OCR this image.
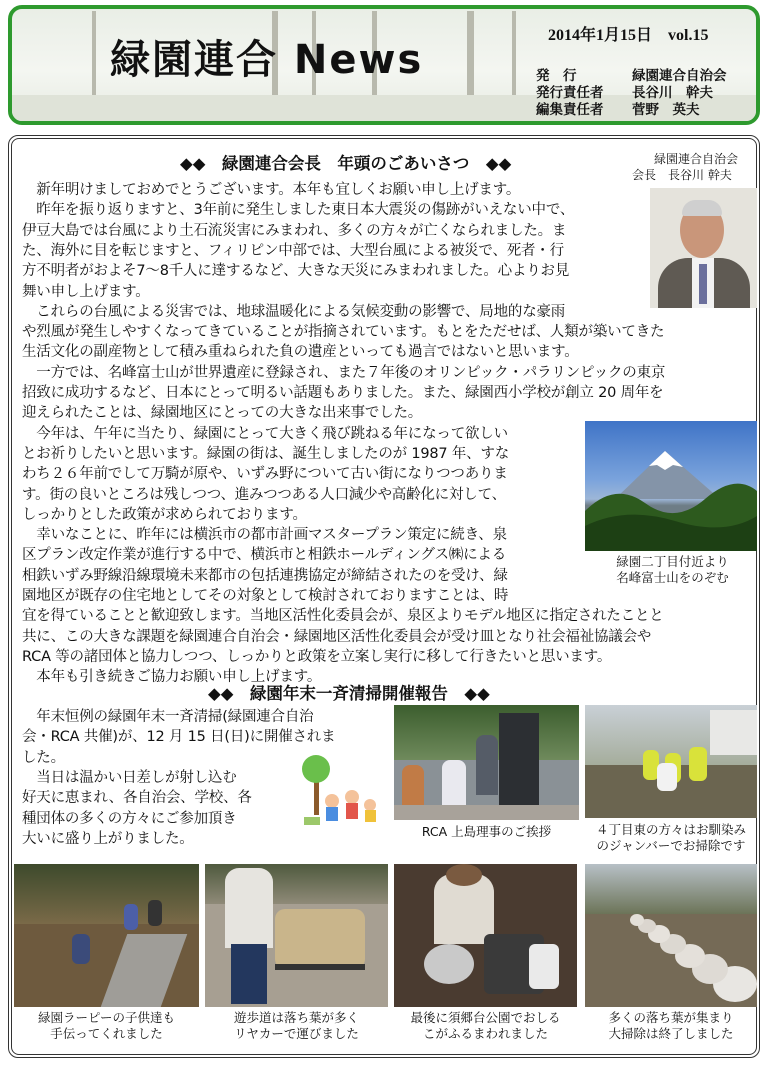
緑園連合 News
2014年1月15日　vol.15
発　行	緑園連合自治会
発行責任者 長谷川　幹夫
編集責任者 菅野　英夫
◆◆　緑園連合会長　年頭のごあいさつ　◆◆	緑園連合自治会
会長　長谷川 幹夫
　新年明けましておめでとうございます。本年も宜しくお願い申し上げます。
　昨年を振り返りますと、3年前に発生しました東日本大震災の傷跡がいえない中で、
伊豆大島では台風により土石流災害にみまわれ、多くの方々が亡くなられました。ま
た、海外に目を転じますと、フィリピン中部では、大型台風による被災で、死者・行
方不明者がおよそ7～8千人に達するなど、大きな天災にみまわれました。心よりお見
舞い申し上げます。
　これらの台風による災害では、地球温暖化による気候変動の影響で、局地的な豪雨
や烈風が発生しやすくなってきていることが指摘されています。もとをただせば、人類が築いてきた
生活文化の副産物として積み重ねられた負の遺産といっても過言ではないと思います。
　一方では、名峰富士山が世界遺産に登録され、また７年後のオリンピック・パラリンピックの東京
招致に成功するなど、日本にとって明るい話題もありました。また、緑園西小学校が創立 20 周年を
迎えられたことは、緑園地区にとっての大きな出来事でした。
　今年は、午年に当たり、緑園にとって大きく飛び跳ねる年になって欲しい
とお祈りしたいと思います。緑園の街は、誕生しましたのが 1987 年、すな
わち２６年前でして万騎が原や、いずみ野について古い街になりつつありま
す。街の良いところは残しつつ、進みつつある人口減少や高齢化に対して、
しっかりとした政策が求められております。
　幸いなことに、昨年には横浜市の都市計画マスタープラン策定に続き、泉
区プラン改定作業が進行する中で、横浜市と相鉄ホールディングス㈱による
相鉄いずみ野線沿線環境未来都市の包括連携協定が締結されたのを受け、緑
園地区が既存の住宅地としてその対象として検討されておりますことは、時
宜を得ていることと歓迎致します。当地区活性化委員会が、泉区よりモデル地区に指定されたことと
共に、この大きな課題を緑園連合自治会・緑園地区活性化委員会が受け皿となり社会福祉協議会や
RCA 等の諸団体と協力しつつ、しっかりと政策を立案し実行に移して行きたいと思います。
　本年も引き続きご協力お願い申し上げます。
緑園二丁目付近より
名峰富士山をのぞむ
◆◆　緑園年末一斉清掃開催報告　◆◆
　年末恒例の緑園年末一斉清掃(緑園連合自治
会・RCA 共催)が、12 月 15 日(日)に開催されま
した。
　当日は温かい日差しが射し込む
好天に恵まれ、各自治会、学校、各
種団体の多くの方々にご参加頂き
大いに盛り上がりました。	RCA 上島理事のご挨拶	４丁目東の方々はお馴染み
のジャンバーでお掃除です
緑園ラーピーの子供達も
手伝ってくれました
遊歩道は落ち葉が多く
リヤカーで運びました
最後に須郷台公園でおしる
こがふるまわれました
多くの落ち葉が集まり
大掃除は終了しました
